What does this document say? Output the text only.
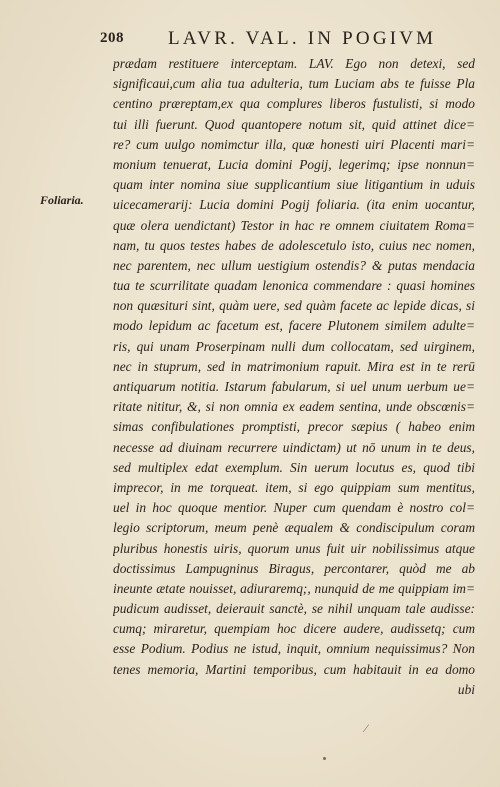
208 LAVR. VAL. IN POGIVM
Foliaria.
prædam restituere interceptam. LAV. Ego non detexi, sed
significaui,cum alia tua adulteria, tum Luciam abs te fuisse Pla
centino præreptam,ex qua complures liberos fustulisti, si modo
tui illi fuerunt. Quod quantopere notum sit, quid attinet dice=
re? cum uulgo nomimctur illa, quæ honesti uiri Placenti mari=
monium tenuerat, Lucia domini Pogij, legerimq; ipse nonnun=
quam inter nomina siue supplicantium siue litigantium in uduis
uicecamerarij: Lucia domini Pogij foliaria. (ita enim uocantur,
quæ olera uendictant) Testor in hac re omnem ciuitatem Roma=
nam, tu quos testes habes de adolescetulo isto, cuius nec nomen,
nec parentem, nec ullum uestigium ostendis? & putas mendacia
tua te scurrilitate quadam lenonica commendare : quasi homines
non quæsituri sint, quàm uere, sed quàm facete ac lepide dicas, si
modo lepidum ac facetum est, facere Plutonem similem adulte=
ris, qui unam Proserpinam nulli dum collocatam, sed uirginem,
nec in stuprum, sed in matrimonium rapuit. Mira est in te rerū
antiquarum notitia. Istarum fabularum, si uel unum uerbum ue=
ritate nititur, &, si non omnia ex eadem sentina, unde obscœnis=
simas confibulationes promptisti, precor sæpius ( habeo enim
necesse ad diuinam recurrere uindictam) ut nō unum in te deus,
sed multiplex edat exemplum. Sin uerum locutus es, quod tibi
imprecor, in me torqueat. item, si ego quippiam sum mentitus,
uel in hoc quoque mentior. Nuper cum quendam è nostro col=
legio scriptorum, meum penè æqualem & condiscipulum coram
pluribus honestis uiris, quorum unus fuit uir nobilissimus atque
doctissimus Lampugninus Biragus, percontarer, quòd me ab
ineunte ætate nouisset, adiuraremq;, nunquid de me quippiam im=
pudicum audisset, deierauit sanctè, se nihil unquam tale audisse:
cumq; miraretur, quempiam hoc dicere audere, audissetq; cum
esse Podium. Podius ne istud, inquit, omnium nequissimus? Non
tenes memoria, Martini temporibus, cum habitauit in ea domo
ubi
⁄
